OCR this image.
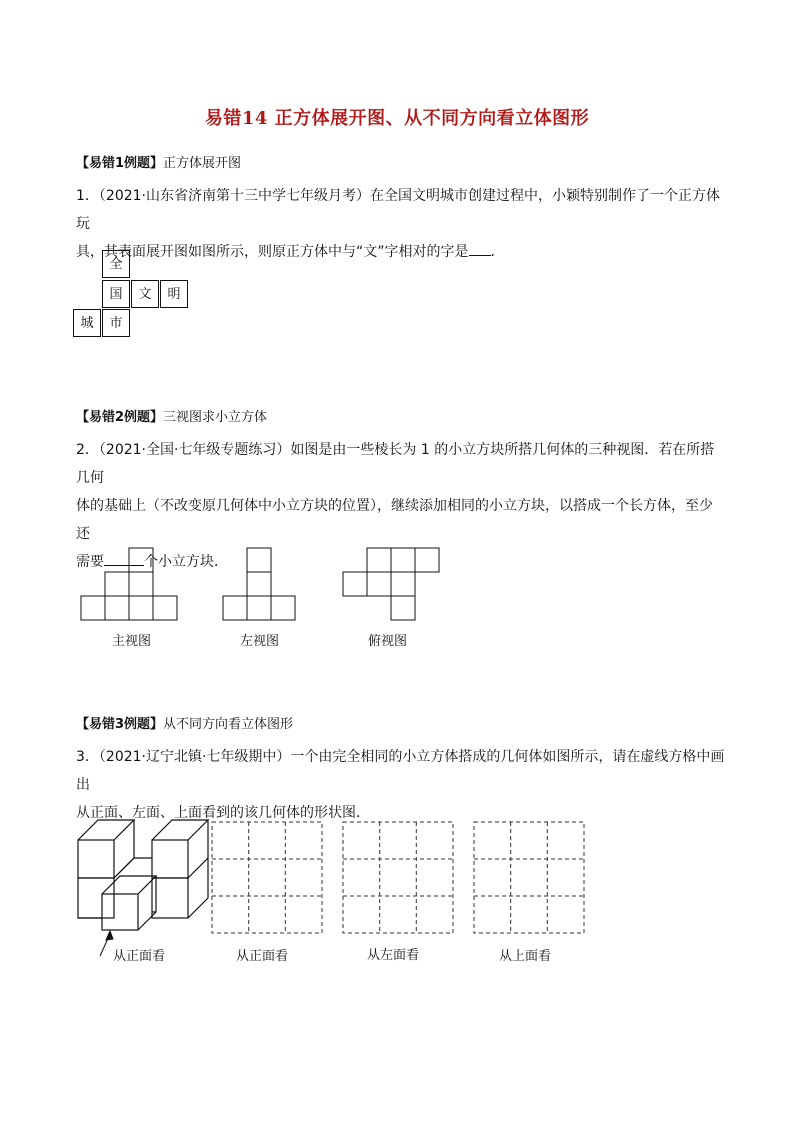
易错14 正方体展开图、从不同方向看立体图形
【易错1例题】正方体展开图
1．（2021·山东省济南第十三中学七年级月考）在全国文明城市创建过程中，小颖特别制作了一个正方体玩
具，其表面展开图如图所示，则原正方体中与“文”字相对的字是 ．
全
国	文	明
城	市
【易错2例题】三视图求小立方体
2．（2021·全国·七年级专题练习）如图是由一些棱长为 1 的小立方块所搭几何体的三种视图．若在所搭几何
体的基础上（不改变原几何体中小立方块的位置），继续添加相同的小立方块，以搭成一个长方体，至少还
需要	个小立方块．
主视图	左视图	俯视图
【易错3例题】从不同方向看立体图形
3．（2021·辽宁北镇·七年级期中）一个由完全相同的小立方体搭成的几何体如图所示，请在虚线方格中画出
从正面、左面、上面看到的该几何体的形状图．
从正面看	从正面看	从左面看	从上面看
